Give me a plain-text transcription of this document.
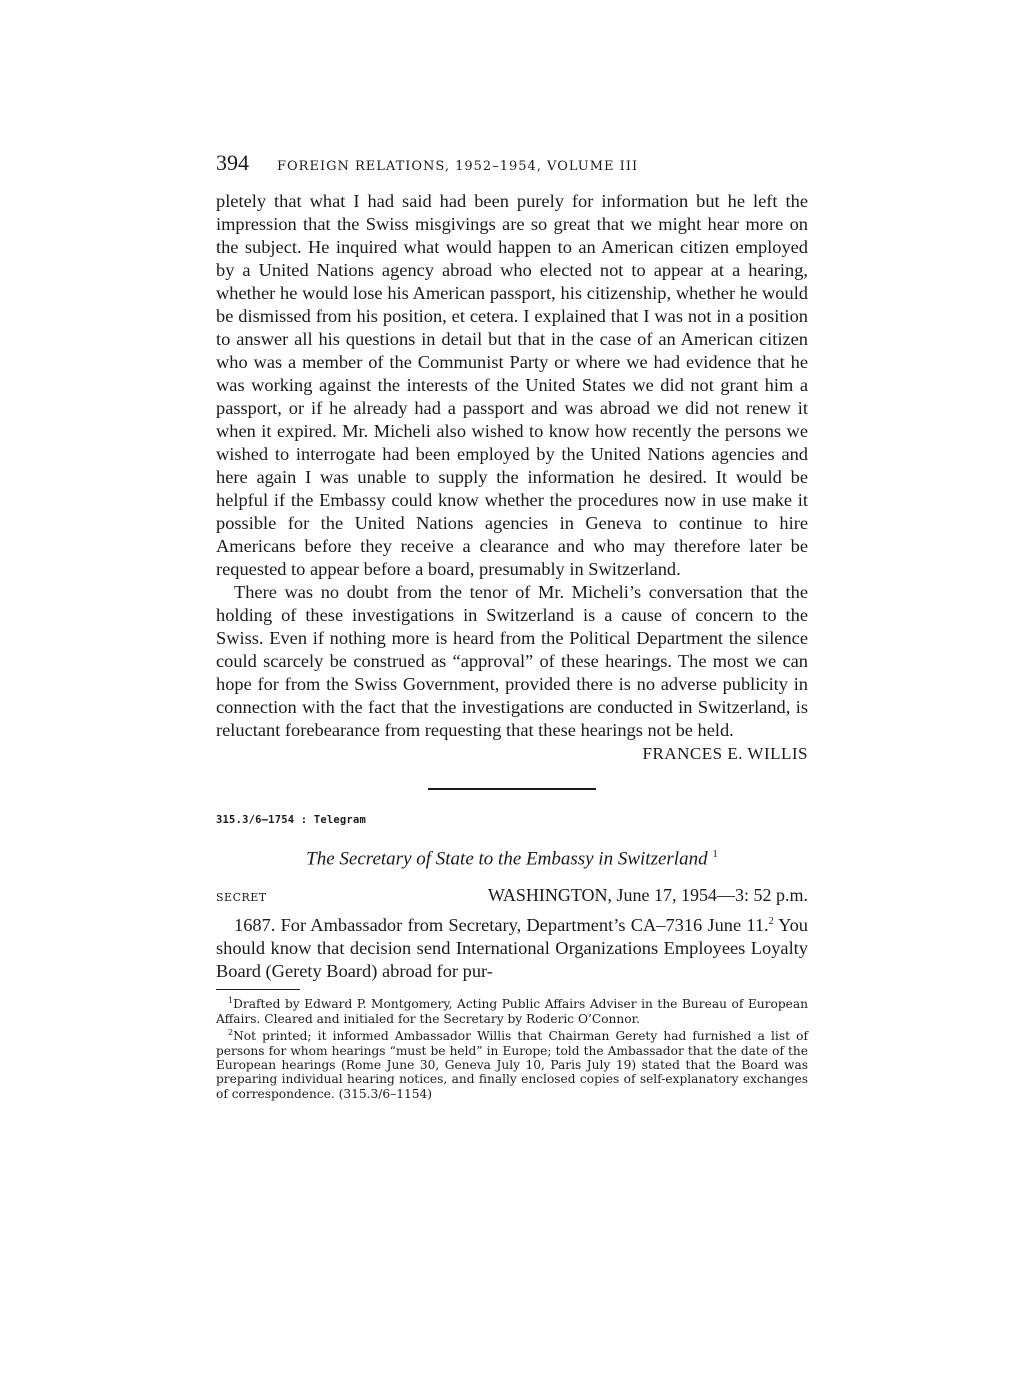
394 FOREIGN RELATIONS, 1952–1954, VOLUME III

pletely that what I had said had been purely for information but he left the impression that the Swiss misgivings are so great that we might hear more on the subject. He inquired what would happen to an American citizen employed by a United Nations agency abroad who elected not to appear at a hearing, whether he would lose his American passport, his citizenship, whether he would be dismissed from his position, et cetera. I explained that I was not in a position to answer all his questions in detail but that in the case of an American citizen who was a member of the Communist Party or where we had evidence that he was working against the interests of the United States we did not grant him a passport, or if he already had a passport and was abroad we did not renew it when it expired. Mr. Micheli also wished to know how recently the persons we wished to interrogate had been employed by the United Nations agencies and here again I was unable to supply the information he desired. It would be helpful if the Embassy could know whether the procedures now in use make it possible for the United Nations agencies in Geneva to continue to hire Americans before they receive a clearance and who may therefore later be requested to appear before a board, presumably in Switzerland.

There was no doubt from the tenor of Mr. Micheli’s conversation that the holding of these investigations in Switzerland is a cause of concern to the Swiss. Even if nothing more is heard from the Political Department the silence could scarcely be construed as “approval” of these hearings. The most we can hope for from the Swiss Government, provided there is no adverse publicity in connection with the fact that the investigations are conducted in Switzerland, is reluctant forebearance from requesting that these hearings not be held.

FRANCES E. WILLIS
315.3/6–1754 : Telegram
The Secretary of State to the Embassy in Switzerland $^1$
SECRET	WASHINGTON, June 17, 1954—3: 52 p.m.

1687. For Ambassador from Secretary, Department’s CA–7316 June 11.$^2$ You should know that decision send International Organizations Employees Loyalty Board (Gerety Board) abroad for pur-

$^1$Drafted by Edward P. Montgomery, Acting Public Affairs Adviser in the Bureau of European Affairs. Cleared and initialed for the Secretary by Roderic O’Connor.

$^2$Not printed; it informed Ambassador Willis that Chairman Gerety had furnished a list of persons for whom hearings “must be held” in Europe; told the Ambassador that the date of the European hearings (Rome June 30, Geneva July 10, Paris July 19) stated that the Board was preparing individual hearing notices, and finally enclosed copies of self-explanatory exchanges of correspondence. (315.3/6–1154)
